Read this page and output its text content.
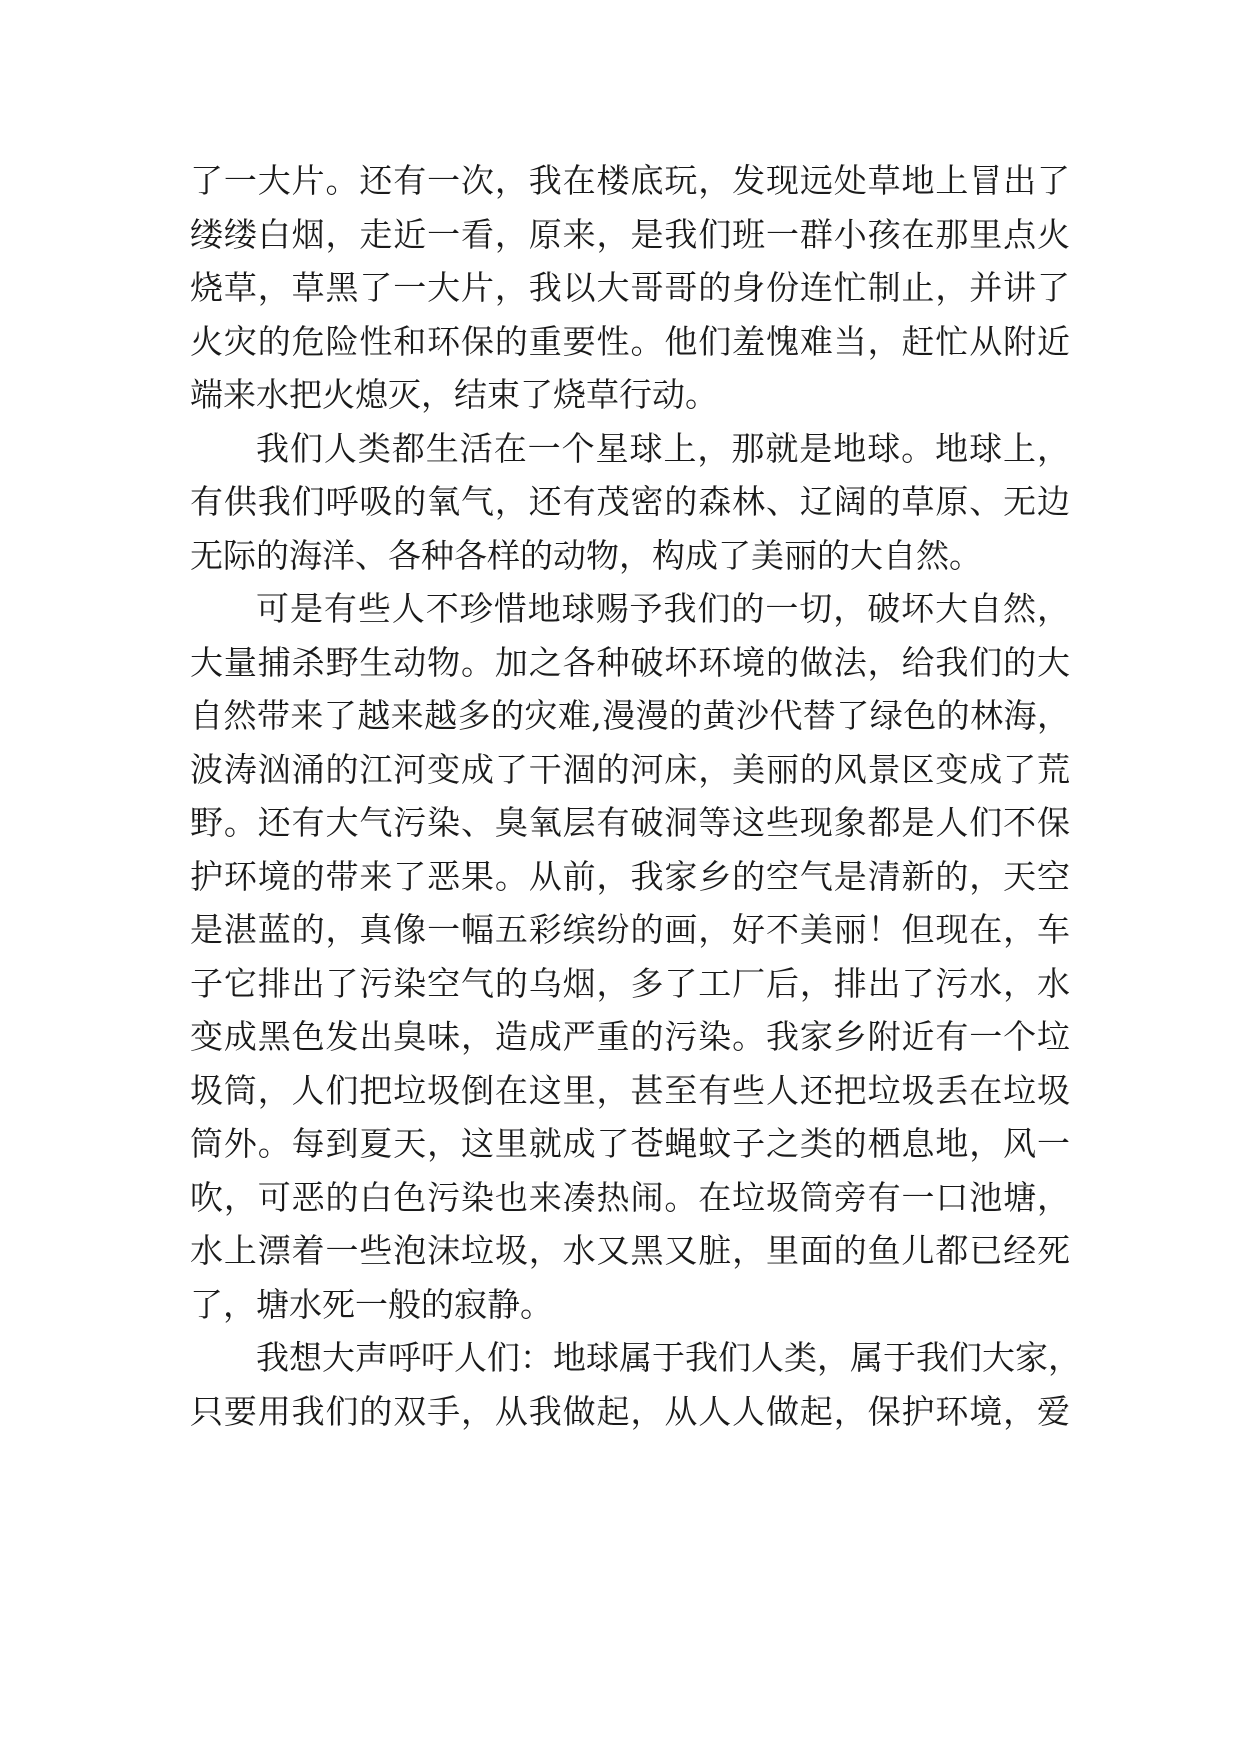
了一大片。还有一次，我在楼底玩，发现远处草地上冒出了
缕缕白烟，走近一看，原来，是我们班一群小孩在那里点火
烧草，草黑了一大片，我以大哥哥的身份连忙制止，并讲了
火灾的危险性和环保的重要性。他们羞愧难当，赶忙从附近
端来水把火熄灭，结束了烧草行动。
我们人类都生活在一个星球上，那就是地球。地球上，
有供我们呼吸的氧气，还有茂密的森林、辽阔的草原、无边
无际的海洋、各种各样的动物，构成了美丽的大自然。
可是有些人不珍惜地球赐予我们的一切，破坏大自然，
大量捕杀野生动物。加之各种破坏环境的做法，给我们的大
自然带来了越来越多的灾难,漫漫的黄沙代替了绿色的林海，
波涛汹涌的江河变成了干涸的河床，美丽的风景区变成了荒
野。还有大气污染、臭氧层有破洞等这些现象都是人们不保
护环境的带来了恶果。从前，我家乡的空气是清新的，天空
是湛蓝的，真像一幅五彩缤纷的画，好不美丽！但现在，车
子它排出了污染空气的乌烟，多了工厂后，排出了污水，水
变成黑色发出臭味，造成严重的污染。我家乡附近有一个垃
圾筒，人们把垃圾倒在这里，甚至有些人还把垃圾丢在垃圾
筒外。每到夏天，这里就成了苍蝇蚊子之类的栖息地，风一
吹，可恶的白色污染也来凑热闹。在垃圾筒旁有一口池塘，
水上漂着一些泡沫垃圾，水又黑又脏，里面的鱼儿都已经死
了，塘水死一般的寂静。
我想大声呼吁人们：地球属于我们人类，属于我们大家，
只要用我们的双手，从我做起，从人人做起，保护环境，爱
